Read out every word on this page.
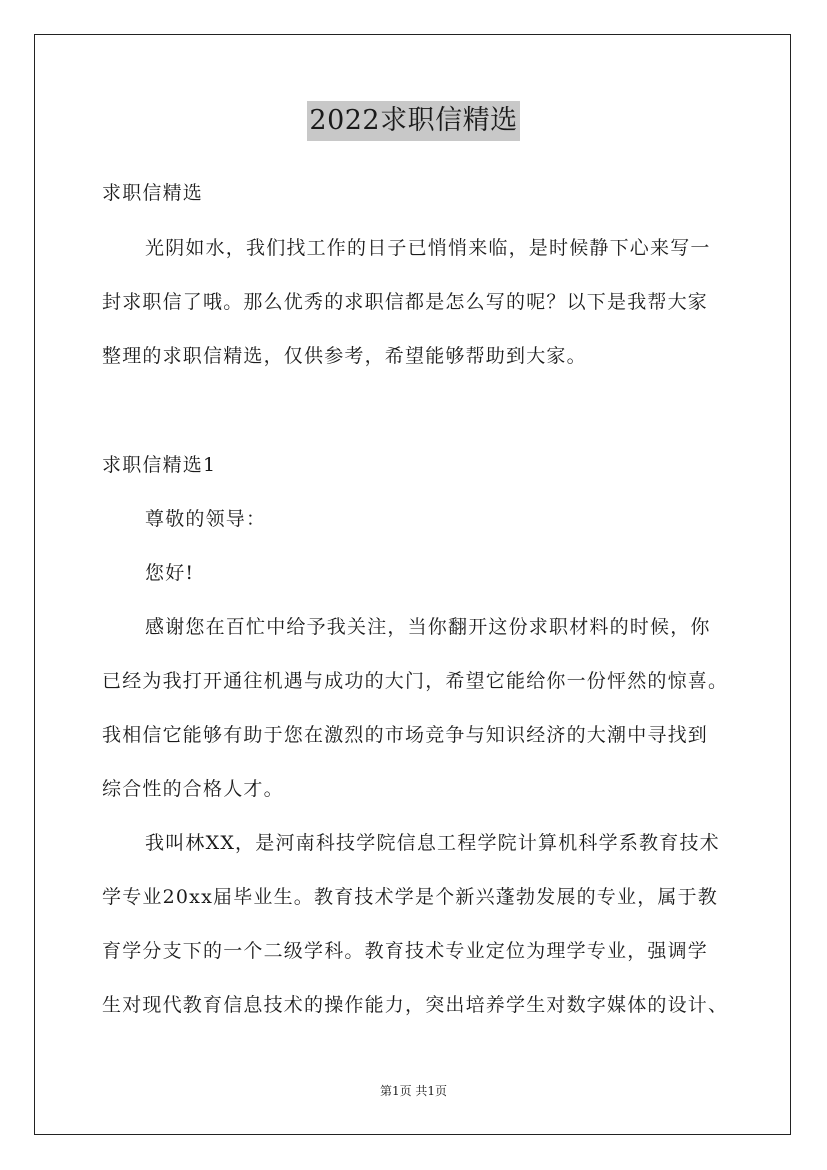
2022求职信精选
求职信精选
光阴如水，我们找工作的日子已悄悄来临，是时候静下心来写一
封求职信了哦。那么优秀的求职信都是怎么写的呢？以下是我帮大家
整理的求职信精选，仅供参考，希望能够帮助到大家。
求职信精选1
尊敬的领导：
您好!
感谢您在百忙中给予我关注，当你翻开这份求职材料的时候，你
已经为我打开通往机遇与成功的大门，希望它能给你一份怦然的惊喜。
我相信它能够有助于您在激烈的市场竞争与知识经济的大潮中寻找到
综合性的合格人才。
我叫林XX，是河南科技学院信息工程学院计算机科学系教育技术
学专业20xx届毕业生。教育技术学是个新兴蓬勃发展的专业，属于教
育学分支下的一个二级学科。教育技术专业定位为理学专业，强调学
生对现代教育信息技术的操作能力，突出培养学生对数字媒体的设计、
第1页 共1页
